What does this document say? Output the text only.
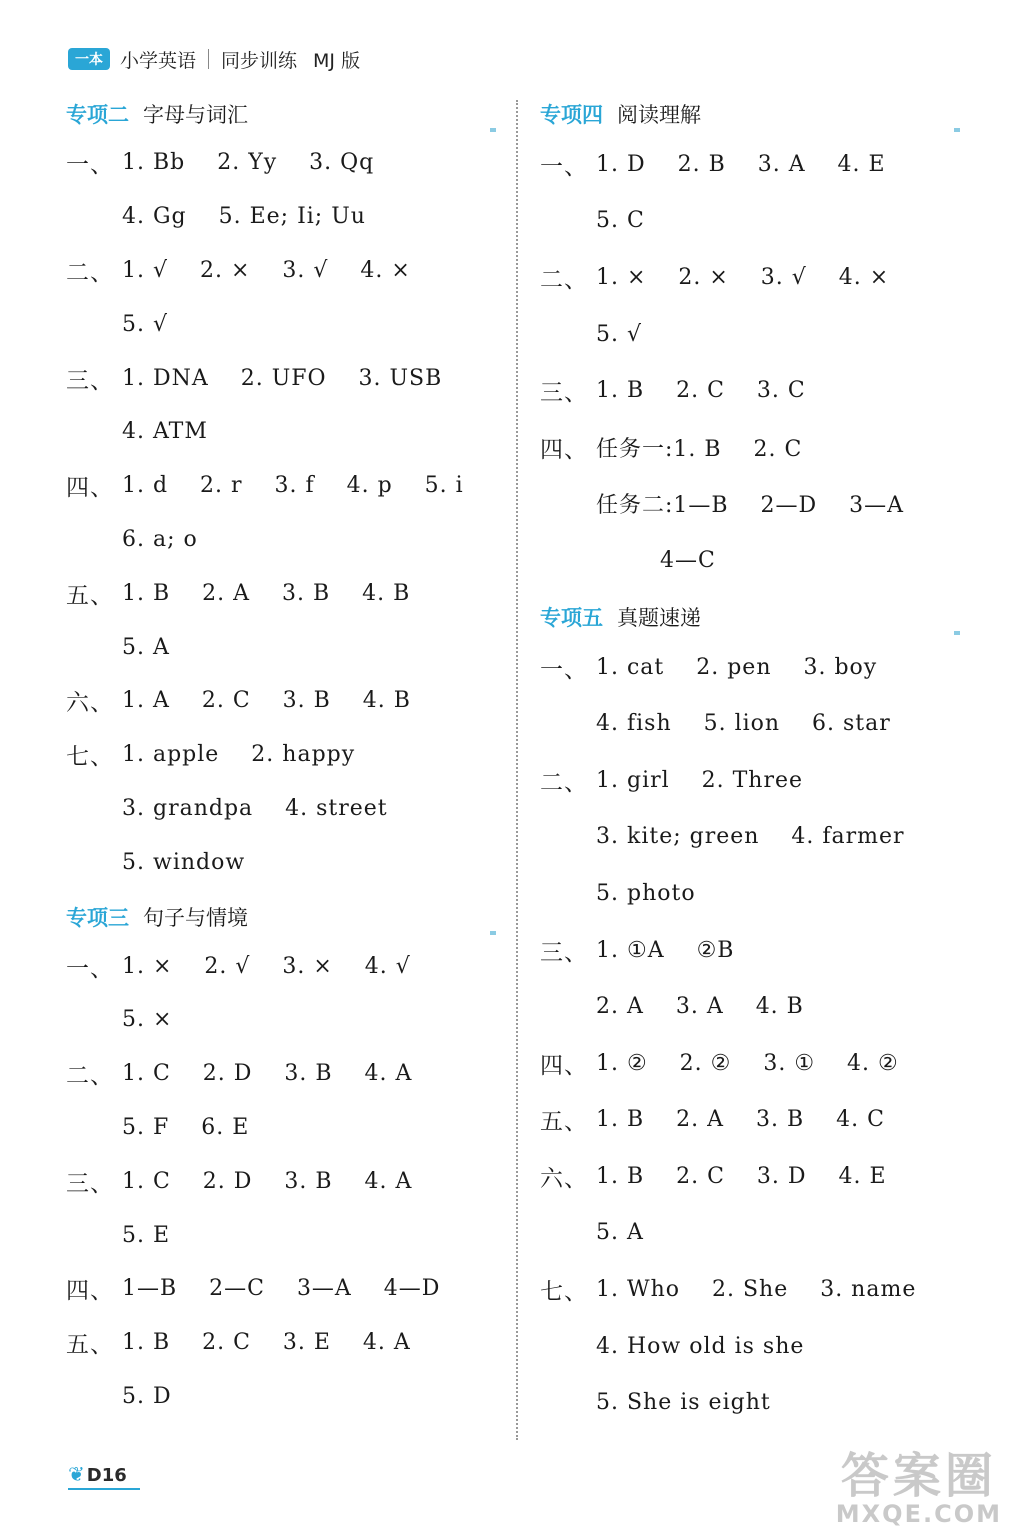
一本 小学英语 同步训练 MJ 版
专项二 字母与词汇
一、 1. Bb    2. Yy    3. Qq
4. Gg    5. Ee; Ii; Uu
二、 1. √    2. ×    3. √    4. ×
5. √
三、 1. DNA    2. UFO    3. USB
4. ATM
四、 1. d    2. r    3. f    4. p    5. i
6. a; o
五、 1. B    2. A    3. B    4. B
5. A
六、 1. A    2. C    3. B    4. B
七、 1. apple    2. happy
3. grandpa    4. street
5. window
专项三 句子与情境
一、 1. ×    2. √    3. ×    4. √
5. ×
二、 1. C    2. D    3. B    4. A
5. F    6. E
三、 1. C    2. D    3. B    4. A
5. E
四、 1—B    2—C    3—A    4—D
五、 1. B    2. C    3. E    4. A
5. D
专项四 阅读理解
一、 1. D    2. B    3. A    4. E
5. C
二、 1. ×    2. ×    3. √    4. ×
5. √
三、 1. B    2. C    3. C
四、 任务一:1. B    2. C
任务二:1—B    2—D    3—A
4—C
专项五 真题速递
一、 1. cat    2. pen    3. boy
4. fish    5. lion    6. star
二、 1. girl    2. Three
3. kite; green    4. farmer
5. photo
三、 1. ①A    ②B
2. A    3. A    4. B
四、 1. ②    2. ②    3. ①    4. ②
五、 1. B    2. A    3. B    4. C
六、 1. B    2. C    3. D    4. E
5. A
七、 1. Who    2. She    3. name
4. How old is she
5. She is eight
❦ D16	答案圈
MXQE.COM
